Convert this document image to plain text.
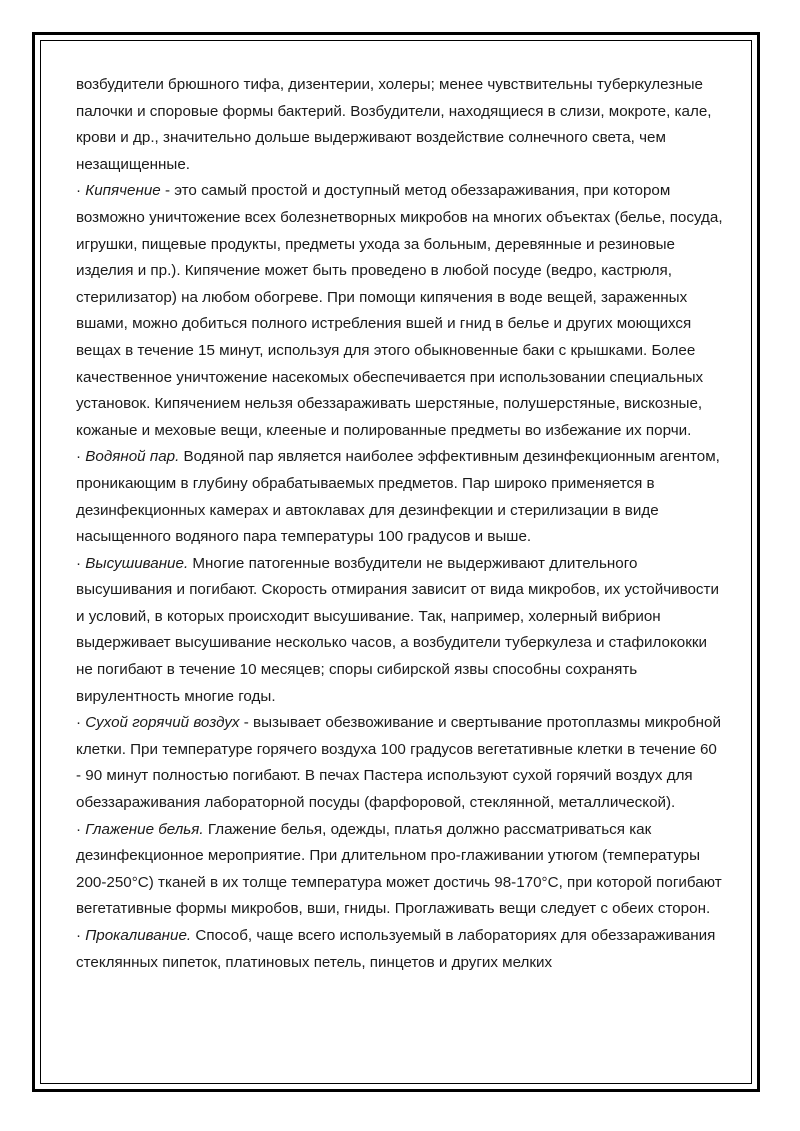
возбудители брюшного тифа, дизентерии, холеры; менее чувствительны туберкулезные палочки и споровые формы бактерий. Возбудители, находящиеся в слизи, мокроте, кале, крови и др., значительно дольше выдерживают воздействие солнечного света, чем незащищенные.

· Кипячение - это самый простой и доступный метод обеззараживания, при котором возможно уничтожение всех болезнетворных микробов на многих объектах (белье, посуда, игрушки, пищевые продукты, предметы ухода за больным, деревянные и резиновые изделия и пр.). Кипячение может быть проведено в любой посуде (ведро, кастрюля, стерилизатор) на любом обогреве. При помощи кипячения в воде вещей, зараженных вшами, можно добиться полного истребления вшей и гнид в белье и других моющихся вещах в течение 15 минут, используя для этого обыкновенные баки с крышками. Более качественное уничтожение насекомых обеспечивается при использовании специальных установок. Кипячением нельзя обеззараживать шерстяные, полушерстяные, вискозные, кожаные и меховые вещи, клееные и полированные предметы во избежание их порчи.

· Водяной пар. Водяной пар является наиболее эффективным дезинфекционным агентом, проникающим в глубину обрабатываемых предметов. Пар широко применяется в дезинфекционных камерах и автоклавах для дезинфекции и стерилизации в виде насыщенного водяного пара температуры 100 градусов и выше.

· Высушивание. Многие патогенные возбудители не выдерживают длительного высушивания и погибают. Скорость отмирания зависит от вида микробов, их устойчивости и условий, в которых происходит высушивание. Так, например, холерный вибрион выдерживает высушивание несколько часов, а возбудители туберкулеза и стафилококки не погибают в течение 10 месяцев; споры сибирской язвы способны сохранять вирулентность многие годы.

· Сухой горячий воздух - вызывает обезвоживание и свертывание протоплазмы микробной клетки. При температуре горячего воздуха 100 градусов вегетативные клетки в течение 60 - 90 минут полностью погибают. В печах Пастера используют сухой горячий воздух для обеззараживания лабораторной посуды (фарфоровой, стеклянной, металлической).

· Глажение белья. Глажение белья, одежды, платья должно рассматриваться как дезинфекционное мероприятие. При длительном про-глаживании утюгом (температуры 200-250°С) тканей в их толще температура может достичь 98-170°С, при которой погибают вегетативные формы микробов, вши, гниды. Проглаживать вещи следует с обеих сторон.

· Прокаливание. Способ, чаще всего используемый в лабораториях для обеззараживания стеклянных пипеток, платиновых петель, пинцетов и других мелких
